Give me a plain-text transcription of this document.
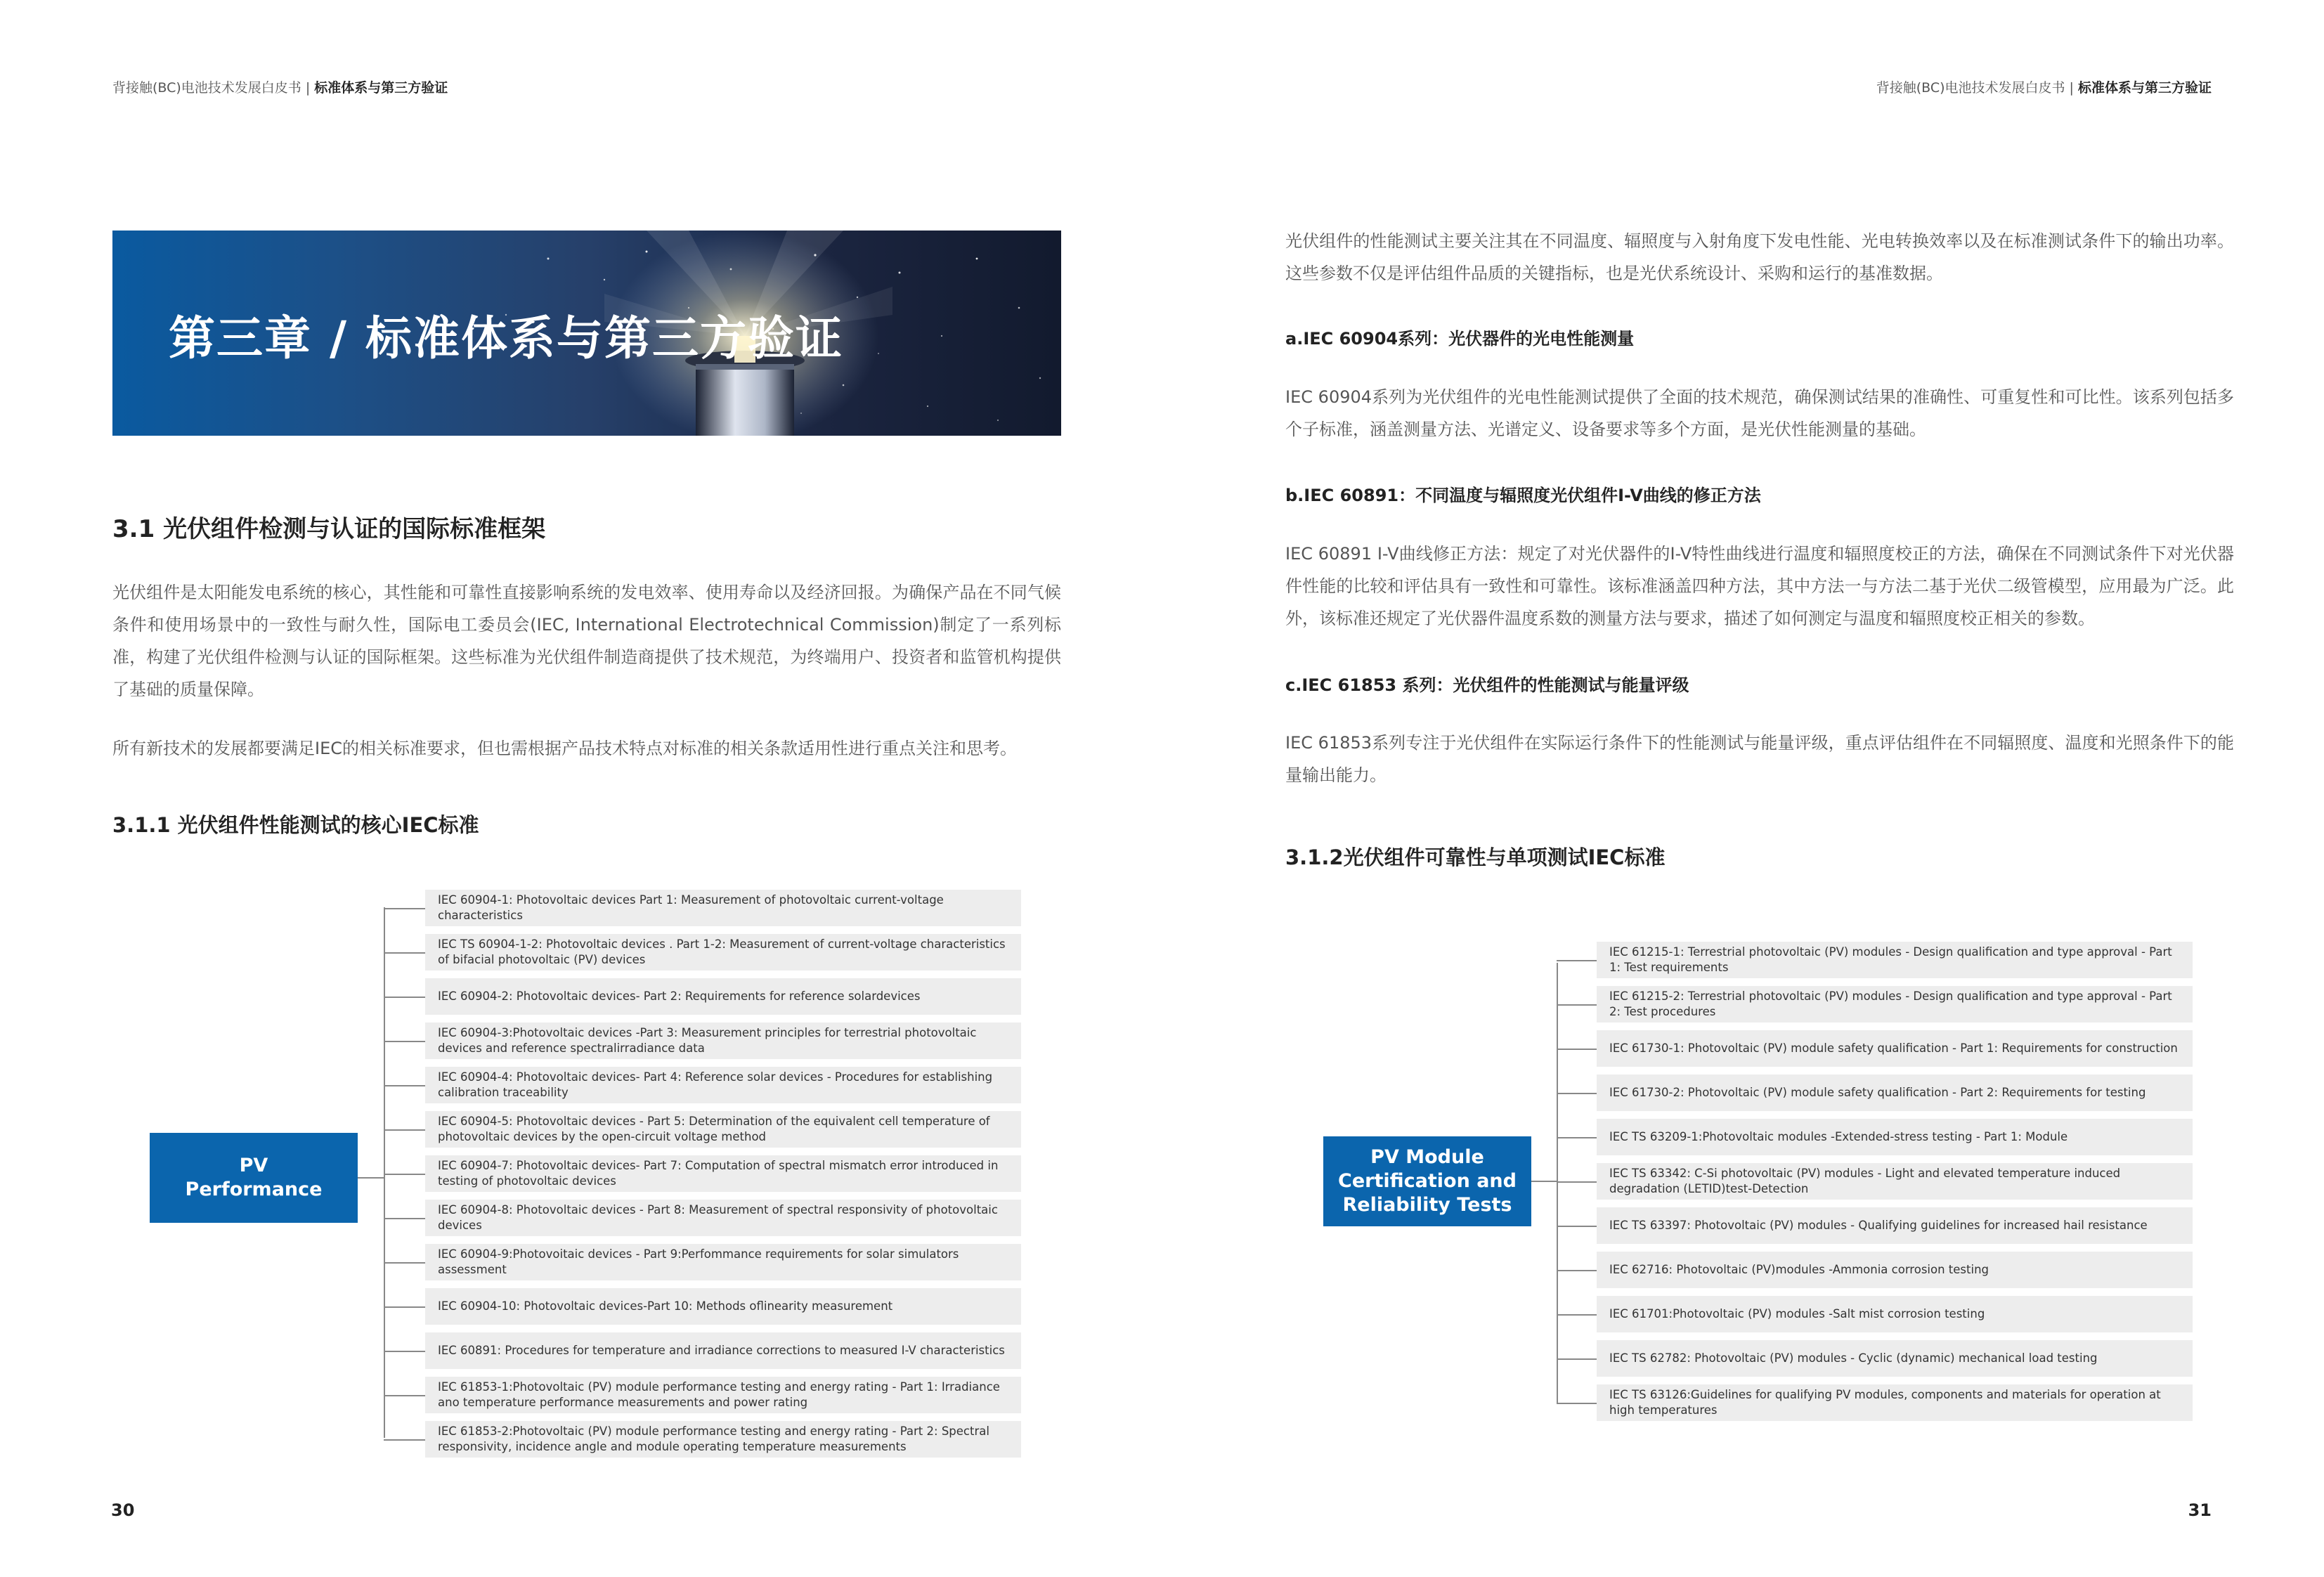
背接触(BC)电池技术发展白皮书 | 标准体系与第三方验证	背接触(BC)电池技术发展白皮书 | 标准体系与第三方验证
第三章 / 标准体系与第三方验证
3.1 光伏组件检测与认证的国际标准框架
光伏组件是太阳能发电系统的核心，其性能和可靠性直接影响系统的发电效率、使用寿命以及经济回报。为确保产品在不同气候条件和使用场景中的一致性与耐久性，国际电工委员会(IEC, International Electrotechnical Commission)制定了一系列标准，构建了光伏组件检测与认证的国际框架。这些标准为光伏组件制造商提供了技术规范，为终端用户、投资者和监管机构提供了基础的质量保障。
所有新技术的发展都要满足IEC的相关标准要求，但也需根据产品技术特点对标准的相关条款适用性进行重点关注和思考。
3.1.1 光伏组件性能测试的核心IEC标准
PV
Performance
IEC 60904-1: Photovoltaic devices Part 1: Measurement of photovoltaic current-voltage characteristics
IEC TS 60904-1-2: Photovoltaic devices . Part 1-2: Measurement of current-voltage characteristics of bifacial photovoltaic (PV) devices
IEC 60904-2: Photovoltaic devices- Part 2: Requirements for reference solardevices
IEC 60904-3:Photovoltaic devices -Part 3: Measurement principles for terrestrial photovoltaic devices and reference spectralirradiance data
IEC 60904-4: Photovoltaic devices- Part 4: Reference solar devices - Procedures for establishing calibration traceability
IEC 60904-5: Photovoltaic devices - Part 5: Determination of the equivalent cell temperature of photovoltaic devices by the open-circuit voltage method
IEC 60904-7: Photovoltaic devices- Part 7: Computation of spectral mismatch error introduced in testing of photovoltaic devices
IEC 60904-8: Photovoltaic devices - Part 8: Measurement of spectral responsivity of photovoltaic devices
IEC 60904-9:Photovoitaic devices - Part 9:Perfommance requirements for solar simulators assessment
IEC 60904-10: Photovoltaic devices-Part 10: Methods oflinearity measurement
IEC 60891: Procedures for temperature and irradiance corrections to measured I-V characteristics
IEC 61853-1:Photovoltaic (PV) module performance testing and energy rating - Part 1: Irradiance ano temperature performance measurements and power rating
IEC 61853-2:Photovoltaic (PV) module performance testing and energy rating - Part 2: Spectral responsivity, incidence angle and module operating temperature measurements
光伏组件的性能测试主要关注其在不同温度、辐照度与入射角度下发电性能、光电转换效率以及在标准测试条件下的输出功率。这些参数不仅是评估组件品质的关键指标，也是光伏系统设计、采购和运行的基准数据。
a.IEC 60904系列：光伏器件的光电性能测量
IEC 60904系列为光伏组件的光电性能测试提供了全面的技术规范，确保测试结果的准确性、可重复性和可比性。该系列包括多个子标准，涵盖测量方法、光谱定义、设备要求等多个方面，是光伏性能测量的基础。
b.IEC 60891：不同温度与辐照度光伏组件I-V曲线的修正方法
IEC 60891 I-V曲线修正方法：规定了对光伏器件的I-V特性曲线进行温度和辐照度校正的方法，确保在不同测试条件下对光伏器件性能的比较和评估具有一致性和可靠性。该标准涵盖四种方法，其中方法一与方法二基于光伏二级管模型，应用最为广泛。此外，该标准还规定了光伏器件温度系数的测量方法与要求，描述了如何测定与温度和辐照度校正相关的参数。
c.IEC 61853 系列：光伏组件的性能测试与能量评级
IEC 61853系列专注于光伏组件在实际运行条件下的性能测试与能量评级，重点评估组件在不同辐照度、温度和光照条件下的能量输出能力。
3.1.2光伏组件可靠性与单项测试IEC标准
PV Module
Certification and
Reliability Tests
IEC 61215-1: Terrestrial photovoltaic (PV) modules - Design qualification and type approval - Part 1: Test requirements
IEC 61215-2: Terrestrial photovoltaic (PV) modules - Design qualification and type approval - Part 2: Test procedures
IEC 61730-1: Photovoltaic (PV) module safety qualification - Part 1: Requirements for construction
IEC 61730-2: Photovoltaic (PV) module safety qualification - Part 2: Requirements for testing
IEC TS 63209-1:Photovoltaic modules -Extended-stress testing - Part 1: Module
IEC TS 63342: C-Si photovoltaic (PV) modules - Light and elevated temperature induced degradation (LETID)test-Detection
IEC TS 63397: Photovoltaic (PV) modules - Qualifying guidelines for increased hail resistance
IEC 62716: Photovoltaic (PV)modules -Ammonia corrosion testing
IEC 61701:Photovoltaic (PV) modules -Salt mist corrosion testing
IEC TS 62782: Photovoltaic (PV) modules - Cyclic (dynamic) mechanical load testing
IEC TS 63126:Guidelines for qualifying PV modules, components and materials for operation at high temperatures
30	31
